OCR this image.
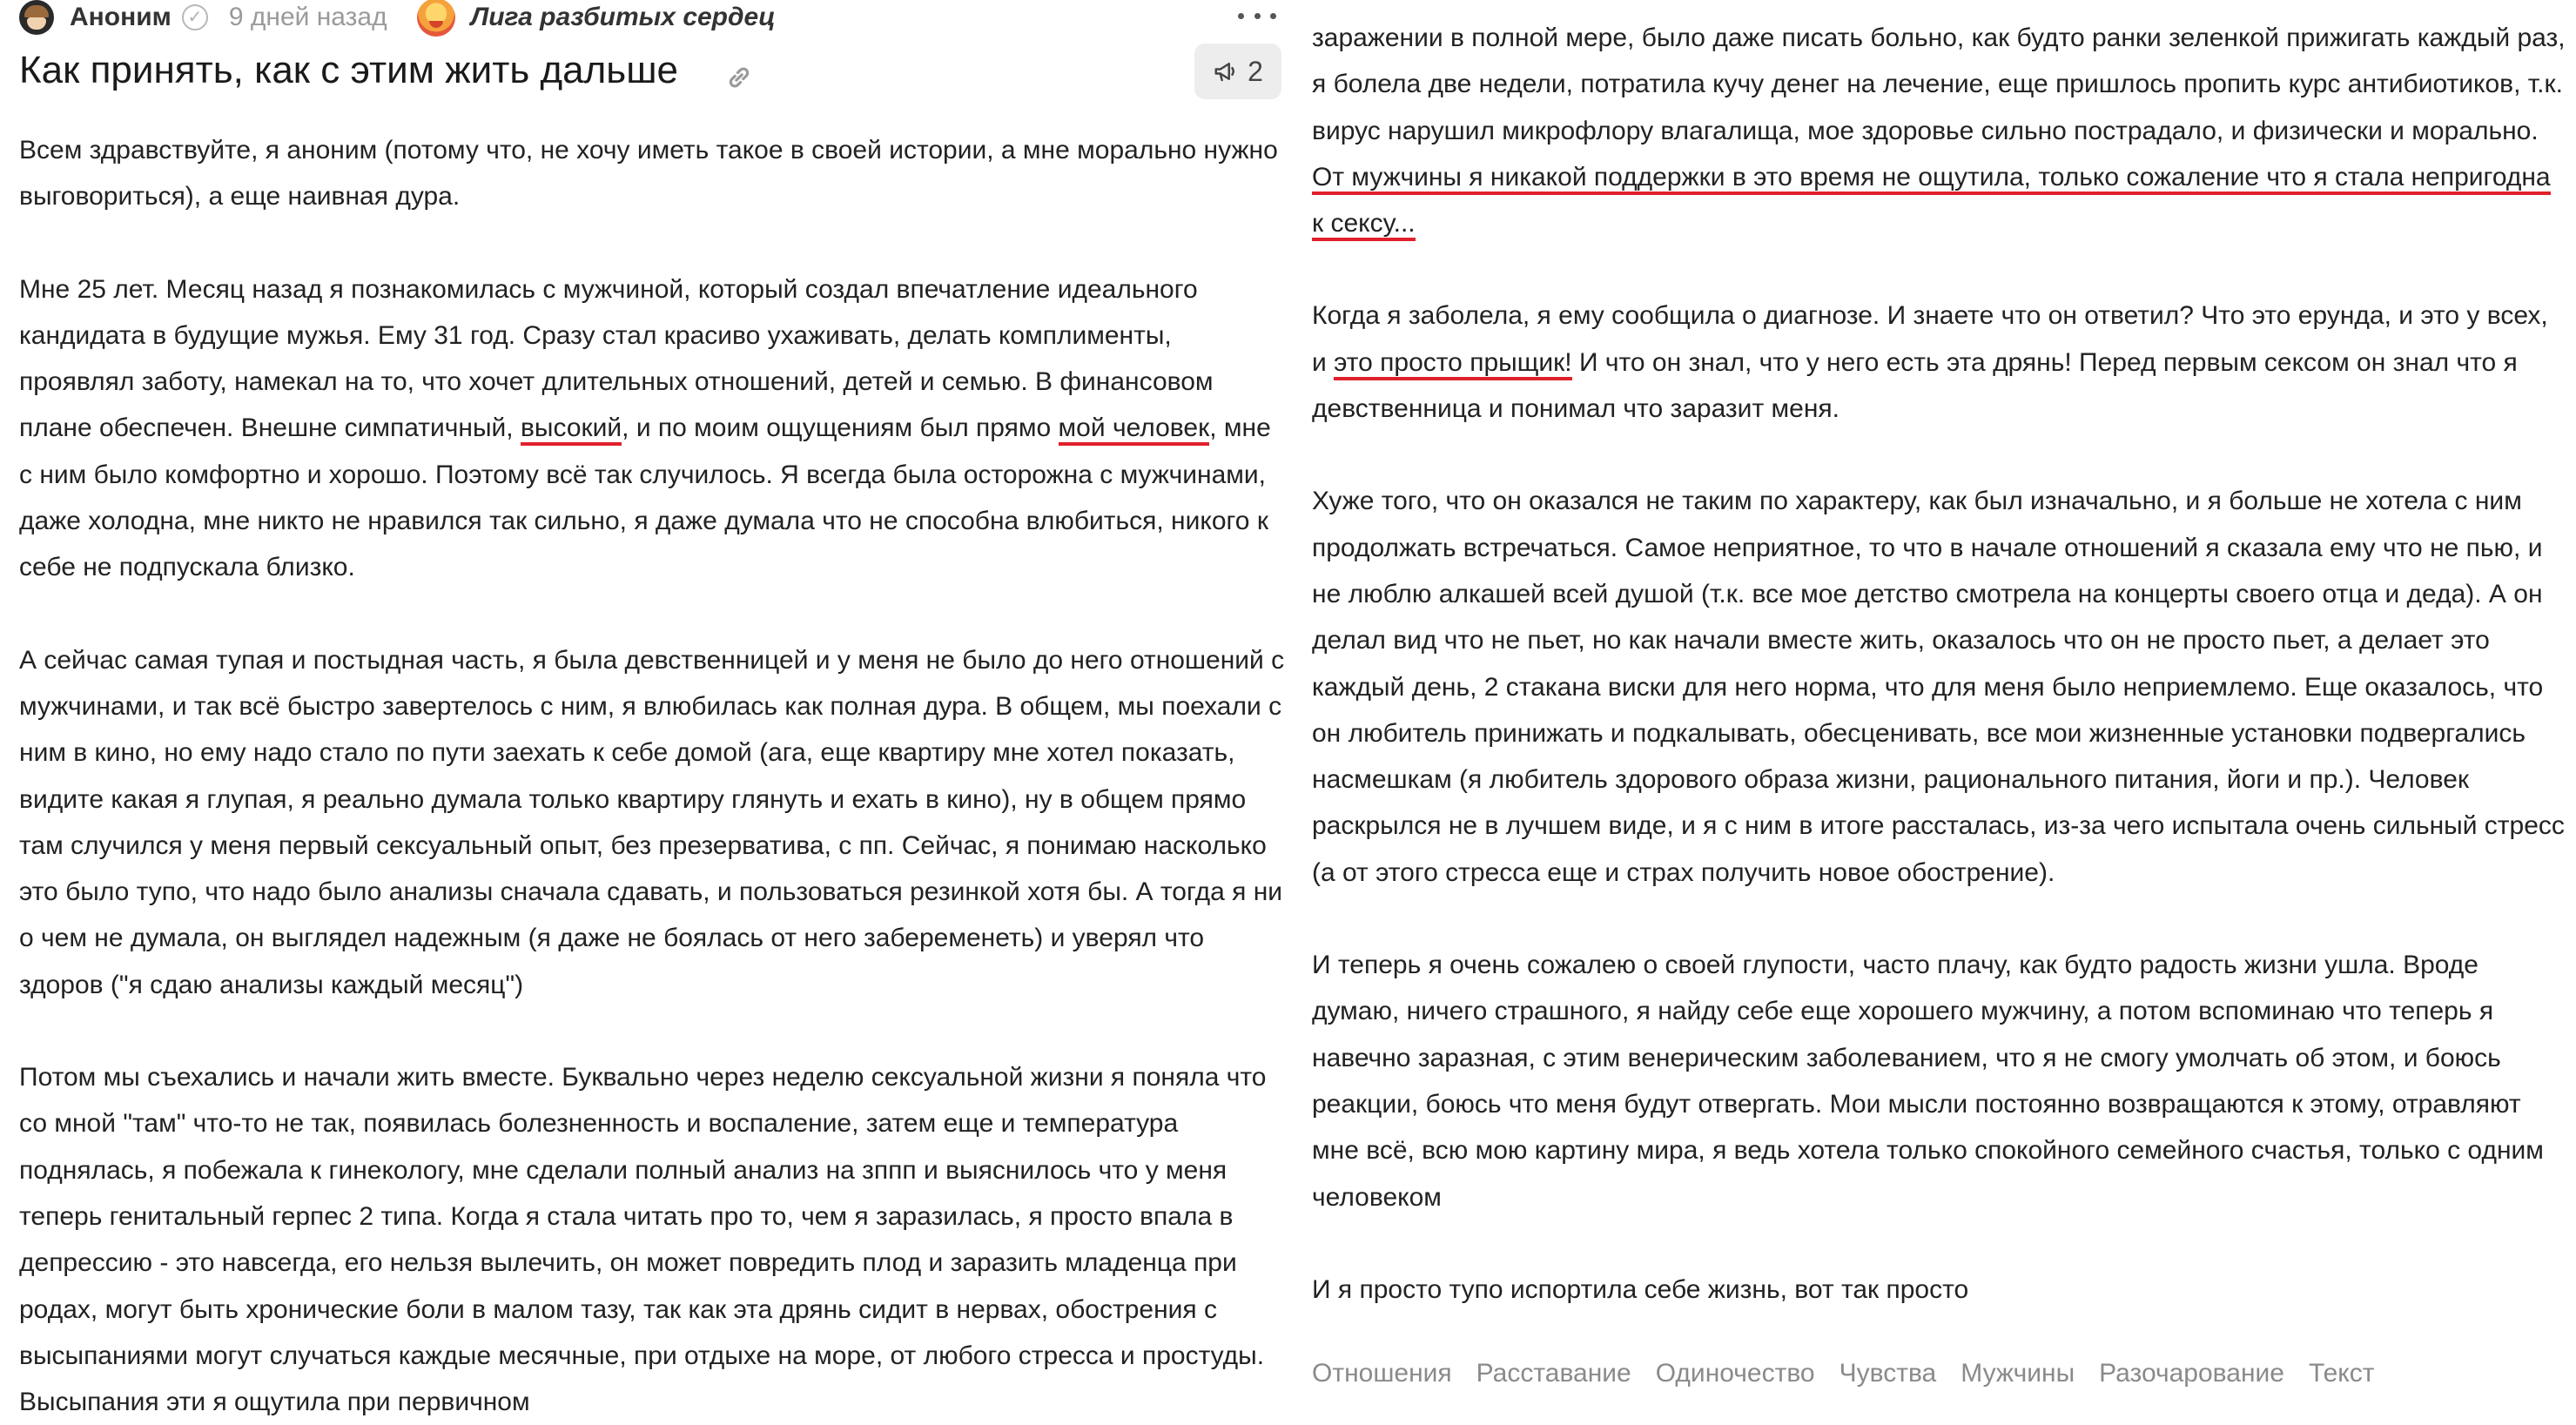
Аноним ✓ 9 дней назад	Лига разбитых сердец
Как принять, как с этим жить дальше	2

Всем здравствуйте, я аноним (потому что, не хочу иметь такое в своей истории, а мне морально нужно выговориться), а еще наивная дура.

Мне 25 лет. Месяц назад я познакомилась с мужчиной, который создал впечатление идеального кандидата в будущие мужья. Ему 31 год. Сразу стал красиво ухаживать, делать комплименты, проявлял заботу, намекал на то, что хочет длительных отношений, детей и семью. В финансовом плане обеспечен. Внешне симпатичный, высокий, и по моим ощущениям был прямо мой человек, мне с ним было комфортно и хорошо. Поэтому всё так случилось. Я всегда была осторожна с мужчинами, даже холодна, мне никто не нравился так сильно, я даже думала что не способна влюбиться, никого к себе не подпускала близко.

А сейчас самая тупая и постыдная часть, я была девственницей и у меня не было до него отношений с мужчинами, и так всё быстро завертелось с ним, я влюбилась как полная дура. В общем, мы поехали с ним в кино, но ему надо стало по пути заехать к себе домой (ага, еще квартиру мне хотел показать, видите какая я глупая, я реально думала только квартиру глянуть и ехать в кино), ну в общем прямо там случился у меня первый сексуальный опыт, без презерватива, с пп. Сейчас, я понимаю насколько это было тупо, что надо было анализы сначала сдавать, и пользоваться резинкой хотя бы. А тогда я ни о чем не думала, он выглядел надежным (я даже не боялась от него забеременеть) и уверял что здоров ("я сдаю анализы каждый месяц")

Потом мы съехались и начали жить вместе. Буквально через неделю сексуальной жизни я поняла что со мной "там" что-то не так, появилась болезненность и воспаление, затем еще и температура поднялась, я побежала к гинекологу, мне сделали полный анализ на зппп и выяснилось что у меня теперь генитальный герпес 2 типа. Когда я стала читать про то, чем я заразилась, я просто впала в депрессию - это навсегда, его нельзя вылечить, он может повредить плод и заразить младенца при родах, могут быть хронические боли в малом тазу, так как эта дрянь сидит в нервах, обострения с высыпаниями могут случаться каждые месячные, при отдыхе на море, от любого стресса и простуды. Высыпания эти я ощутила при первичном

заражении в полной мере, было даже писать больно, как будто ранки зеленкой прижигать каждый раз, я болела две недели, потратила кучу денег на лечение, еще пришлось пропить курс антибиотиков, т.к. вирус нарушил микрофлору влагалища, мое здоровье сильно пострадало, и физически и морально. От мужчины я никакой поддержки в это время не ощутила, только сожаление что я стала непригодна к сексу...

Когда я заболела, я ему сообщила о диагнозе. И знаете что он ответил? Что это ерунда, и это у всех, и это просто прыщик! И что он знал, что у него есть эта дрянь! Перед первым сексом он знал что я девственница и понимал что заразит меня.

Хуже того, что он оказался не таким по характеру, как был изначально, и я больше не хотела с ним продолжать встречаться. Самое неприятное, то что в начале отношений я сказала ему что не пью, и не люблю алкашей всей душой (т.к. все мое детство смотрела на концерты своего отца и деда). А он делал вид что не пьет, но как начали вместе жить, оказалось что он не просто пьет, а делает это каждый день, 2 стакана виски для него норма, что для меня было неприемлемо. Еще оказалось, что он любитель принижать и подкалывать, обесценивать, все мои жизненные установки подвергались насмешкам (я любитель здорового образа жизни, рационального питания, йоги и пр.). Человек раскрылся не в лучшем виде, и я с ним в итоге рассталась, из-за чего испытала очень сильный стресс (а от этого стресса еще и страх получить новое обострение).

И теперь я очень сожалею о своей глупости, часто плачу, как будто радость жизни ушла. Вроде думаю, ничего страшного, я найду себе еще хорошего мужчину, а потом вспоминаю что теперь я навечно заразная, с этим венерическим заболеванием, что я не смогу умолчать об этом, и боюсь реакции, боюсь что меня будут отвергать. Мои мысли постоянно возвращаются к этому, отравляют мне всё, всю мою картину мира, я ведь хотела только спокойного семейного счастья, только с одним человеком

И я просто тупо испортила себе жизнь, вот так просто

Отношения Расставание Одиночество Чувства Мужчины Разочарование Текст
